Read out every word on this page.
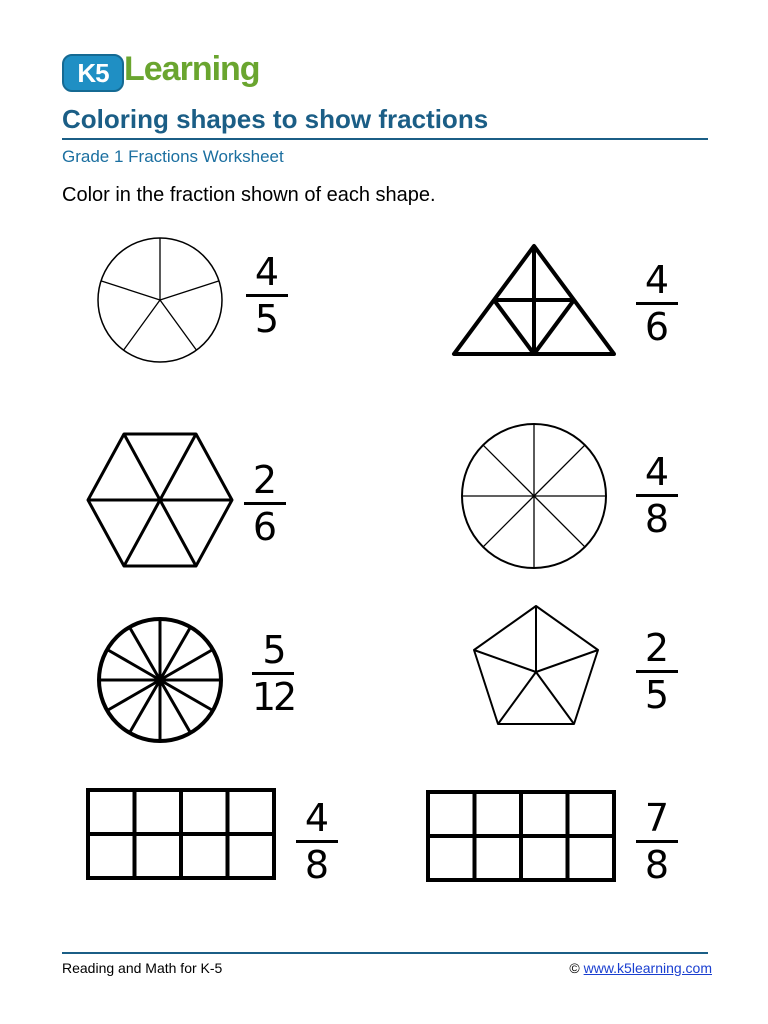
K5 Learning
Coloring shapes to show fractions
Grade 1 Fractions Worksheet
Color in the fraction shown of each shape.
4
5
4
6
2
6
4
8
5
12
2
5
4
8
7
8
Reading and Math for K-5	© www.k5learning.com
